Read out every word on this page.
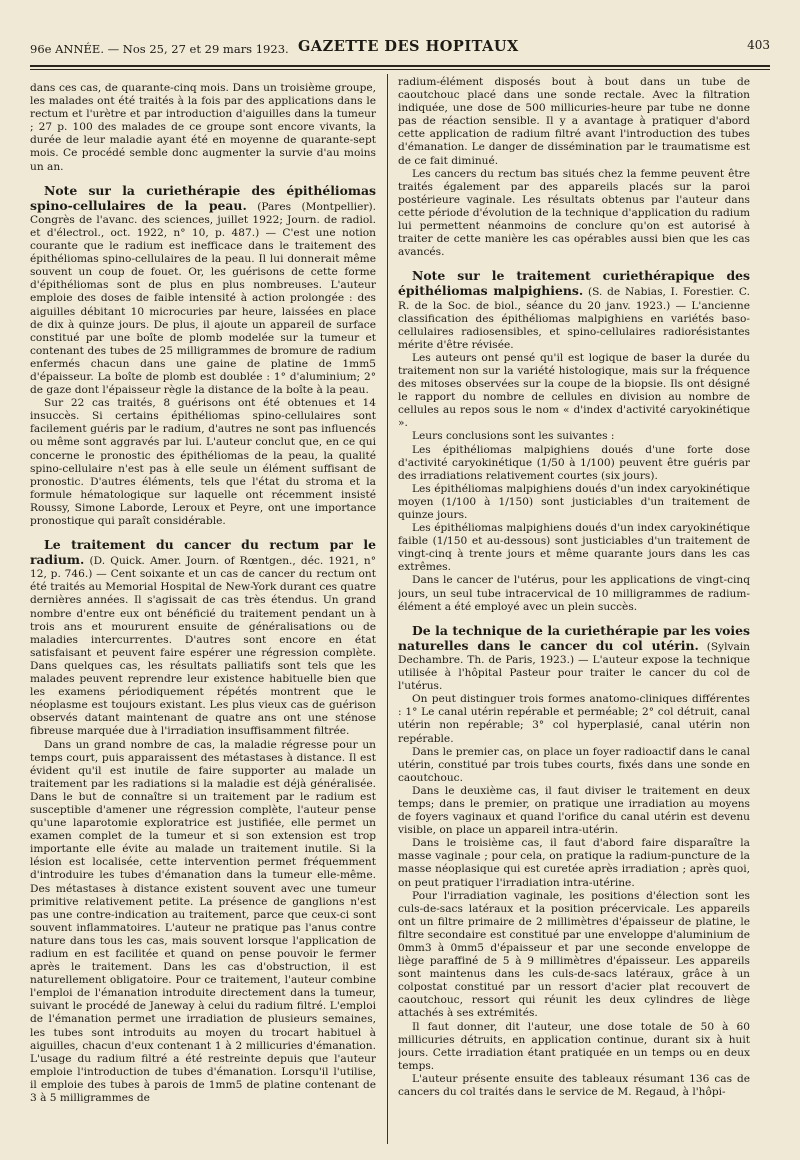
96e ANNÉE. — Nos 25, 27 et 29 mars 1923. GAZETTE DES HOPITAUX	403

dans ces cas, de quarante-cinq mois. Dans un troisième groupe, les malades ont été traités à la fois par des applications dans le rectum et l'urètre et par introduction d'aiguilles dans la tumeur ; 27 p. 100 des malades de ce groupe sont encore vivants, la durée de leur maladie ayant été en moyenne de quarante-sept mois. Ce procédé semble donc augmenter la survie d'au moins un an.

Note sur la curiethérapie des épithéliomas spino-cellulaires de la peau. (Pares (Montpellier). Congrès de l'avanc. des sciences, juillet 1922; Journ. de radiol. et d'électrol., oct. 1922, n° 10, p. 487.) — C'est une notion courante que le radium est inefficace dans le traitement des épithéliomas spino-cellulaires de la peau. Il lui donnerait même souvent un coup de fouet. Or, les guérisons de cette forme d'épithéliomas sont de plus en plus nombreuses. L'auteur emploie des doses de faible intensité à action prolongée : des aiguilles débitant 10 microcuries par heure, laissées en place de dix à quinze jours. De plus, il ajoute un appareil de surface constitué par une boîte de plomb modelée sur la tumeur et contenant des tubes de 25 milligrammes de bromure de radium enfermés chacun dans une gaine de platine de 1mm5 d'épaisseur. La boîte de plomb est doublée : 1° d'aluminium; 2° de gaze dont l'épaisseur règle la distance de la boîte à la peau.

Sur 22 cas traités, 8 guérisons ont été obtenues et 14 insuccès. Si certains épithéliomas spino-cellulaires sont facilement guéris par le radium, d'autres ne sont pas influencés ou même sont aggravés par lui. L'auteur conclut que, en ce qui concerne le pronostic des épithéliomas de la peau, la qualité spino-cellulaire n'est pas à elle seule un élément suffisant de pronostic. D'autres éléments, tels que l'état du stroma et la formule hématologique sur laquelle ont récemment insisté Roussy, Simone Laborde, Leroux et Peyre, ont une importance pronostique qui paraît considérable.

Le traitement du cancer du rectum par le radium. (D. Quick. Amer. Journ. of Rœntgen., déc. 1921, n° 12, p. 746.) — Cent soixante et un cas de cancer du rectum ont été traités au Memorial Hospital de New-York durant ces quatre dernières années. Il s'agissait de cas très étendus. Un grand nombre d'entre eux ont bénéficié du traitement pendant un à trois ans et moururent ensuite de généralisations ou de maladies intercurrentes. D'autres sont encore en état satisfaisant et peuvent faire espérer une régression complète. Dans quelques cas, les résultats palliatifs sont tels que les malades peuvent reprendre leur existence habituelle bien que les examens périodiquement répétés montrent que le néoplasme est toujours existant. Les plus vieux cas de guérison observés datant maintenant de quatre ans ont une sténose fibreuse marquée due à l'irradiation insuffisamment filtrée.

Dans un grand nombre de cas, la maladie régresse pour un temps court, puis apparaissent des métastases à distance. Il est évident qu'il est inutile de faire supporter au malade un traitement par les radiations si la maladie est déjà généralisée. Dans le but de connaître si un traitement par le radium est susceptible d'amener une régression complète, l'auteur pense qu'une laparotomie exploratrice est justifiée, elle permet un examen complet de la tumeur et si son extension est trop importante elle évite au malade un traitement inutile. Si la lésion est localisée, cette intervention permet fréquemment d'introduire les tubes d'émanation dans la tumeur elle-même. Des métastases à distance existent souvent avec une tumeur primitive relativement petite. La présence de ganglions n'est pas une contre-indication au traitement, parce que ceux-ci sont souvent inflammatoires. L'auteur ne pratique pas l'anus contre nature dans tous les cas, mais souvent lorsque l'application de radium en est facilitée et quand on pense pouvoir le fermer après le traitement. Dans les cas d'obstruction, il est naturellement obligatoire. Pour ce traitement, l'auteur combine l'emploi de l'émanation introduite directement dans la tumeur, suivant le procédé de Janeway à celui du radium filtré. L'emploi de l'émanation permet une irradiation de plusieurs semaines, les tubes sont introduits au moyen du trocart habituel à aiguilles, chacun d'eux contenant 1 à 2 millicuries d'émanation. L'usage du radium filtré a été restreinte depuis que l'auteur emploie l'introduction de tubes d'émanation. Lorsqu'il l'utilise, il emploie des tubes à parois de 1mm5 de platine contenant de 3 à 5 milligrammes de

radium-élément disposés bout à bout dans un tube de caoutchouc placé dans une sonde rectale. Avec la filtration indiquée, une dose de 500 millicuries-heure par tube ne donne pas de réaction sensible. Il y a avantage à pratiquer d'abord cette application de radium filtré avant l'introduction des tubes d'émanation. Le danger de dissémination par le traumatisme est de ce fait diminué.

Les cancers du rectum bas situés chez la femme peuvent être traités également par des appareils placés sur la paroi postérieure vaginale. Les résultats obtenus par l'auteur dans cette période d'évolution de la technique d'application du radium lui permettent néanmoins de conclure qu'on est autorisé à traiter de cette manière les cas opérables aussi bien que les cas avancés.

Note sur le traitement curiethérapique des épithéliomas malpighiens. (S. de Nabias, I. Forestier. C. R. de la Soc. de biol., séance du 20 janv. 1923.) — L'ancienne classification des épithéliomas malpighiens en variétés baso-cellulaires radiosensibles, et spino-cellulaires radiorésistantes mérite d'être révisée.

Les auteurs ont pensé qu'il est logique de baser la durée du traitement non sur la variété histologique, mais sur la fréquence des mitoses observées sur la coupe de la biopsie. Ils ont désigné le rapport du nombre de cellules en division au nombre de cellules au repos sous le nom « d'index d'activité caryokinétique ».

Leurs conclusions sont les suivantes :

Les épithéliomas malpighiens doués d'une forte dose d'activité caryokinétique (1/50 à 1/100) peuvent être guéris par des irradiations relativement courtes (six jours).

Les épithéliomas malpighiens doués d'un index caryokinétique moyen (1/100 à 1/150) sont justiciables d'un traitement de quinze jours.

Les épithéliomas malpighiens doués d'un index caryokinétique faible (1/150 et au-dessous) sont justiciables d'un traitement de vingt-cinq à trente jours et même quarante jours dans les cas extrêmes.

Dans le cancer de l'utérus, pour les applications de vingt-cinq jours, un seul tube intracervical de 10 milligrammes de radium-élément a été employé avec un plein succès.

De la technique de la curiethérapie par les voies naturelles dans le cancer du col utérin. (Sylvain Dechambre. Th. de Paris, 1923.) — L'auteur expose la technique utilisée à l'hôpital Pasteur pour traiter le cancer du col de l'utérus.

On peut distinguer trois formes anatomo-cliniques différentes : 1° Le canal utérin repérable et perméable; 2° col détruit, canal utérin non repérable; 3° col hyperplasié, canal utérin non repérable.

Dans le premier cas, on place un foyer radioactif dans le canal utérin, constitué par trois tubes courts, fixés dans une sonde en caoutchouc.

Dans le deuxième cas, il faut diviser le traitement en deux temps; dans le premier, on pratique une irradiation au moyens de foyers vaginaux et quand l'orifice du canal utérin est devenu visible, on place un appareil intra-utérin.

Dans le troisième cas, il faut d'abord faire disparaître la masse vaginale ; pour cela, on pratique la radium-puncture de la masse néoplasique qui est curetée après irradiation ; après quoi, on peut pratiquer l'irradiation intra-utérine.

Pour l'irradiation vaginale, les positions d'élection sont les culs-de-sacs latéraux et la position précervicale. Les appareils ont un filtre primaire de 2 millimètres d'épaisseur de platine, le filtre secondaire est constitué par une enveloppe d'aluminium de 0mm3 à 0mm5 d'épaisseur et par une seconde enveloppe de liège paraffiné de 5 à 9 millimètres d'épaisseur. Les appareils sont maintenus dans les culs-de-sacs latéraux, grâce à un colpostat constitué par un ressort d'acier plat recouvert de caoutchouc, ressort qui réunit les deux cylindres de liège attachés à ses extrémités.

Il faut donner, dit l'auteur, une dose totale de 50 à 60 millicuries détruits, en application continue, durant six à huit jours. Cette irradiation étant pratiquée en un temps ou en deux temps.

L'auteur présente ensuite des tableaux résumant 136 cas de cancers du col traités dans le service de M. Regaud, à l'hôpi-
